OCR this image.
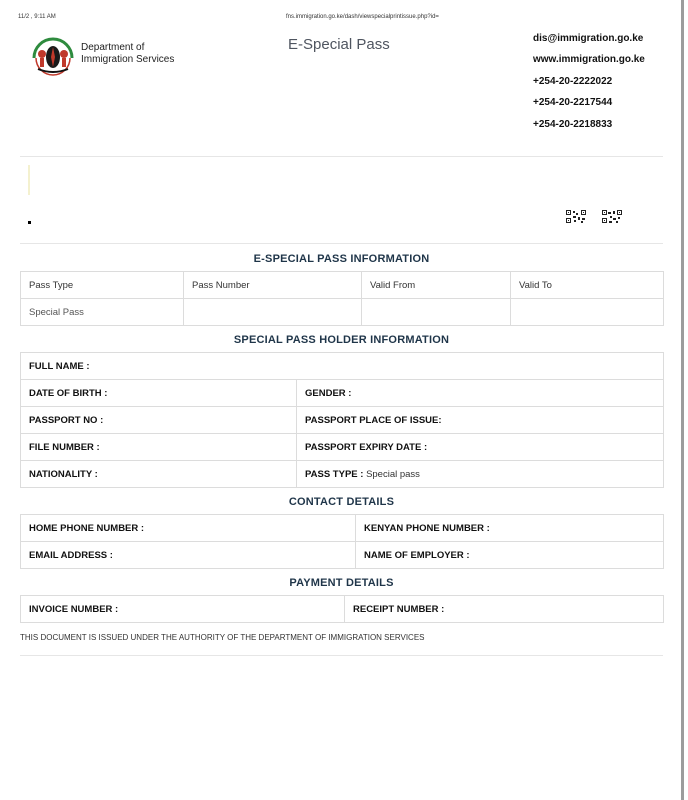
11/2 , 9:11 AM	fns.immigration.go.ke/dash/viewspecialprintissue.php?id=
Department of
Immigration Services
E-Special Pass	dis@immigration.go.ke
www.immigration.go.ke
+254-20-2222022
+254-20-2217544
+254-20-2218833
E-SPECIAL PASS INFORMATION
Pass Type	Pass Number	Valid From	Valid To
Special Pass			
SPECIAL PASS HOLDER INFORMATION
FULL NAME :	
DATE OF BIRTH :	GENDER :
PASSPORT NO :	PASSPORT PLACE OF ISSUE:
FILE NUMBER :	PASSPORT EXPIRY DATE :
NATIONALITY :	PASS TYPE : Special pass
CONTACT DETAILS
HOME PHONE NUMBER :	KENYAN PHONE NUMBER :
EMAIL ADDRESS :	NAME OF EMPLOYER :
PAYMENT DETAILS
INVOICE NUMBER :	RECEIPT NUMBER :
THIS DOCUMENT IS ISSUED UNDER THE AUTHORITY OF THE DEPARTMENT OF IMMIGRATION SERVICES
